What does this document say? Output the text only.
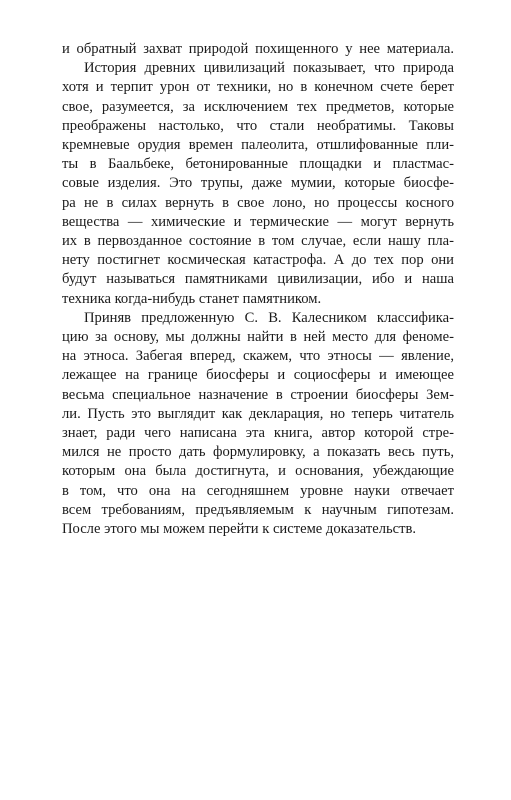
и обратный захват природой похищенного у нее материала.
История древних цивилизаций показывает, что природа
хотя и терпит урон от техники, но в конечном счете берет
свое, разумеется, за исключением тех предметов, которые
преображены настолько, что стали необратимы. Таковы
кремневые орудия времен палеолита, отшлифованные пли-
ты в Баальбеке, бетонированные площадки и пластмас-
совые изделия. Это трупы, даже мумии, которые биосфе-
ра не в силах вернуть в свое лоно, но процессы косного
вещества — химические и термические — могут вернуть
их в первозданное состояние в том случае, если нашу пла-
нету постигнет космическая катастрофа. А до тех пор они
будут называться памятниками цивилизации, ибо и наша
техника когда-нибудь станет памятником.
Приняв предложенную С. В. Калесником классифика-
цию за основу, мы должны найти в ней место для феноме-
на этноса. Забегая вперед, скажем, что этносы — явление,
лежащее на границе биосферы и социосферы и имеющее
весьма специальное назначение в строении биосферы Зем-
ли. Пусть это выглядит как декларация, но теперь читатель
знает, ради чего написана эта книга, автор которой стре-
мился не просто дать формулировку, а показать весь путь,
которым она была достигнута, и основания, убеждающие
в том, что она на сегодняшнем уровне науки отвечает
всем требованиям, предъявляемым к научным гипотезам.
После этого мы можем перейти к системе доказательств.
